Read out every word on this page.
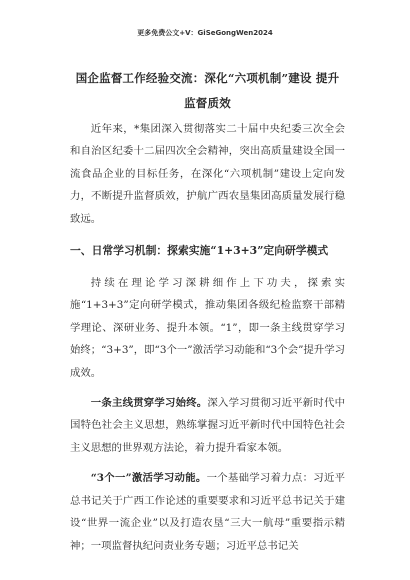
更多免费公文+V：GiSeGongWen2024
国企监督工作经验交流：深化“六项机制”建设 提升监督质效

近年来，*集团深入贯彻落实二十届中央纪委三次全会和自治区纪委十二届四次全会精神，突出高质量建设全国一流食品企业的目标任务，在深化“六项机制”建设上定向发力，不断提升监督质效，护航广西农垦集团高质量发展行稳致远。

一、日常学习机制：探索实施“1+3+3”定向研学模式

持续在理论学习深耕细作上下功夫，探索实施“1+3+3”定向研学模式，推动集团各级纪检监察干部精学理论、深研业务、提升本领。“1”，即一条主线贯穿学习始终；“3+3”，即“3个一”激活学习动能和“3个会”提升学习成效。

一条主线贯穿学习始终。深入学习贯彻习近平新时代中国特色社会主义思想，熟练掌握习近平新时代中国特色社会主义思想的世界观方法论，着力提升看家本领。

“3个一”激活学习动能。一个基础学习着力点：习近平总书记关于广西工作论述的重要要求和习近平总书记关于建设“世界一流企业”以及打造农垦“三大一航母”重要指示精神；一项监督执纪问责业务专题；习近平总书记关
